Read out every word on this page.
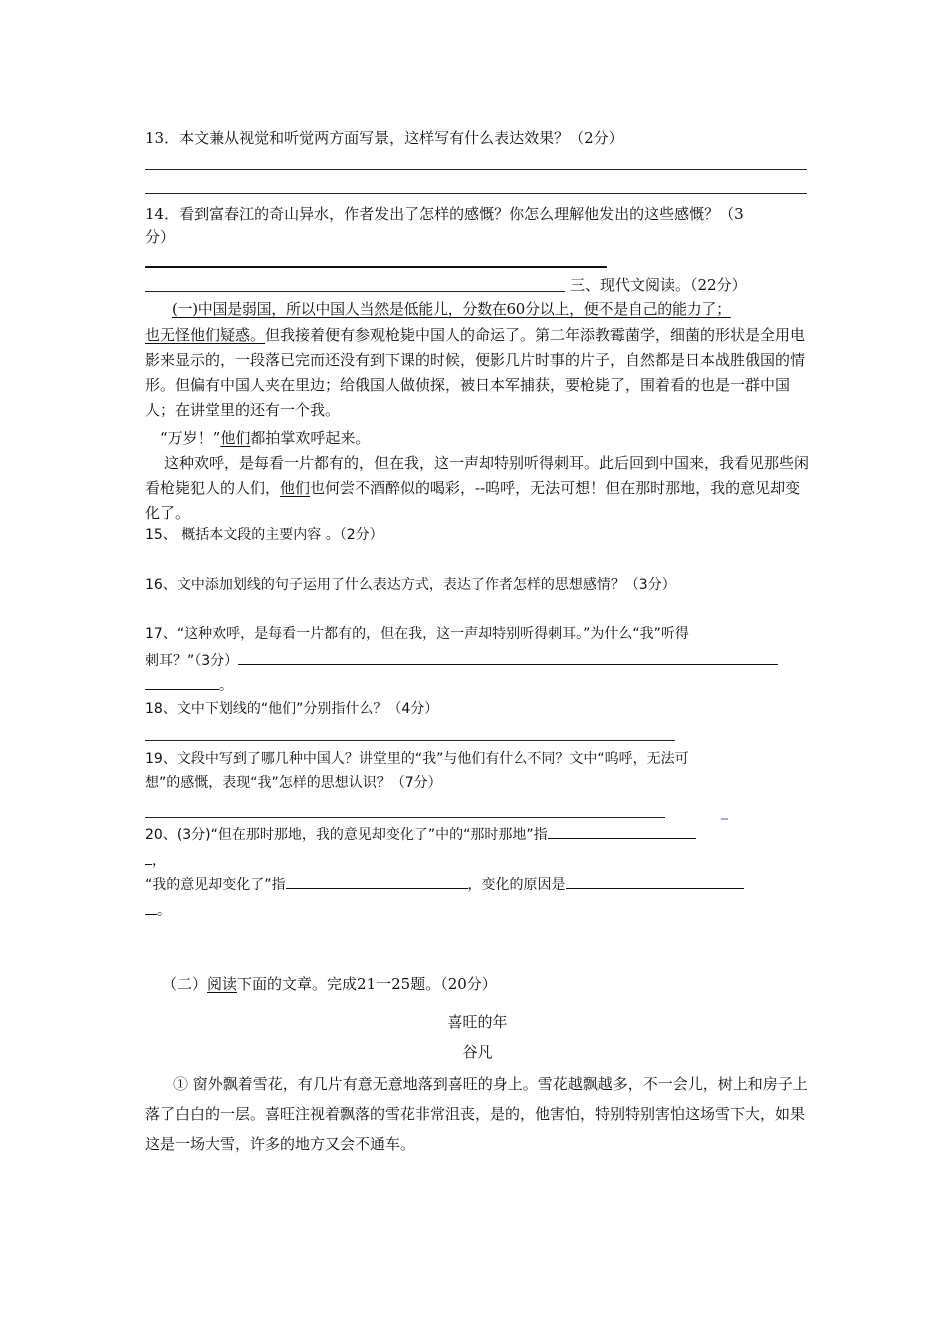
13．本文兼从视觉和听觉两方面写景，这样写有什么表达效果？（2分）
14．看到富春江的奇山异水，作者发出了怎样的感慨？你怎么理解他发出的这些感慨？（3
分）
三、现代文阅读。（22分）
(一)中国是弱国，所以中国人当然是低能儿，分数在60分以上，便不是自己的能力了；
也无怪他们疑惑。但我接着便有参观枪毙中国人的命运了。第二年添教霉菌学，细菌的形状是全用电影来显示的，一段落已完而还没有到下课的时候，便影几片时事的片子，自然都是日本战胜俄国的情形。但偏有中国人夹在里边；给俄国人做侦探，被日本军捕获，要枪毙了，围着看的也是一群中国人；在讲堂里的还有一个我。
“万岁！”他们都拍掌欢呼起来。
这种欢呼，是每看一片都有的，但在我，这一声却特别听得刺耳。此后回到中国来，我看见那些闲看枪毙犯人的人们，他们也何尝不酒醉似的喝彩，--呜呼，无法可想！但在那时那地，我的意见却变化了。
15、 概括本文段的主要内容 。（2分）
16、文中添加划线的句子运用了什么表达方式，表达了作者怎样的思想感情？（3分）
17、“这种欢呼，是每看一片都有的，但在我，这一声却特别听得刺耳。”为什么“我”听得
刺耳？”（3分）
。
18、文中下划线的“他们”分别指什么？（4分）
19、文段中写到了哪几种中国人？讲堂里的“我”与他们有什么不同？文中“呜呼，无法可
想”的感慨，表现“我”怎样的思想认识？（7分）
_
20、(3分)“但在那时那地，我的意见却变化了”中的“那时那地”指
，
“我的意见却变化了”指	，变化的原因是
。
（二）阅读下面的文章。完成21一25题。（20分）
喜旺的年
谷凡
① 窗外飘着雪花，有几片有意无意地落到喜旺的身上。雪花越飘越多，不一会儿，树上和房子上落了白白的一层。喜旺注视着飘落的雪花非常沮丧，是的，他害怕，特别特别害怕这场雪下大，如果这是一场大雪，许多的地方又会不通车。
